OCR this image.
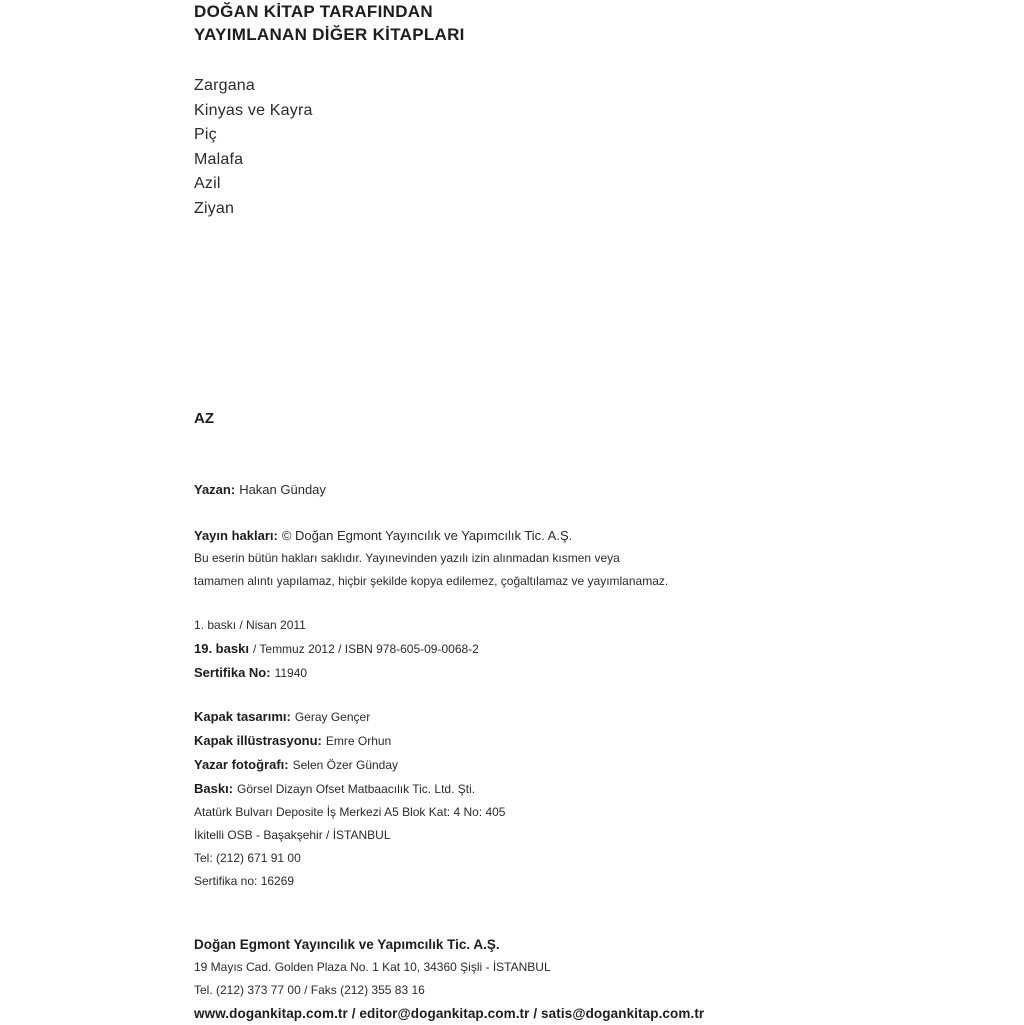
DOĞAN KİTAP TARAFINDAN
YAYIMLANAN DİĞER KİTAPLARI
Zargana
Kinyas ve Kayra
Piç
Malafa
Azil
Ziyan
AZ
Yazan: Hakan Günday
Yayın hakları: © Doğan Egmont Yayıncılık ve Yapımcılık Tic. A.Ş.
Bu eserin bütün hakları saklıdır. Yayınevinden yazılı izin alınmadan kısmen veya
tamamen alıntı yapılamaz, hiçbir şekilde kopya edilemez, çoğaltılamaz ve yayımlanamaz.
1. baskı / Nisan 2011
19. baskı / Temmuz 2012 / ISBN 978-605-09-0068-2
Sertifika No: 11940
Kapak tasarımı: Geray Gençer
Kapak illüstrasyonu: Emre Orhun
Yazar fotoğrafı: Selen Özer Günday
Baskı: Görsel Dizayn Ofset Matbaacılık Tic. Ltd. Şti.
Atatürk Bulvarı Deposite İş Merkezi A5 Blok Kat: 4 No: 405
İkitelli OSB - Başakşehir / İSTANBUL
Tel: (212) 671 91 00
Sertifika no: 16269
Doğan Egmont Yayıncılık ve Yapımcılık Tic. A.Ş.
19 Mayıs Cad. Golden Plaza No. 1 Kat 10, 34360 Şişli - İSTANBUL
Tel. (212) 373 77 00 / Faks (212) 355 83 16
www.dogankitap.com.tr / editor@dogankitap.com.tr / satis@dogankitap.com.tr
